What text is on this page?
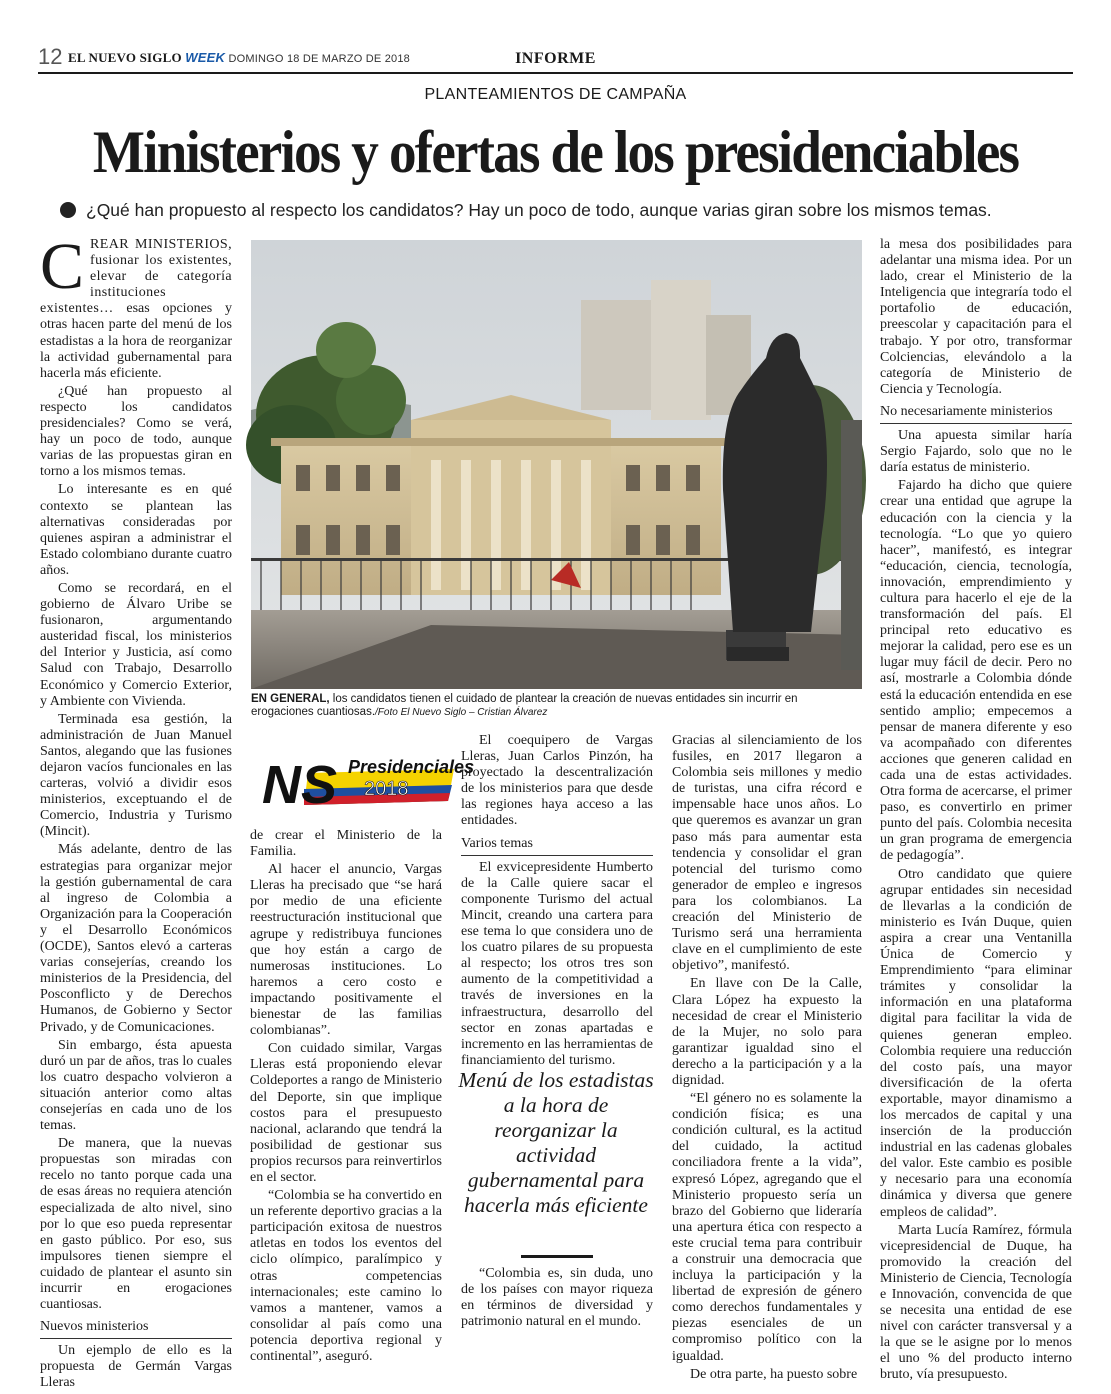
12 EL NUEVO SIGLO WEEK DOMINGO 18 DE MARZO DE 2018	INFORME
PLANTEAMIENTOS DE CAMPAÑA
Ministerios y ofertas de los presidenciables
¿Qué han propuesto al respecto los candidatos? Hay un poco de todo, aunque varias giran sobre los mismos temas.

CREAR MINISTERIOS, fusionar los existentes, elevar de categoría instituciones existentes… esas opciones y otras hacen parte del menú de los estadistas a la hora de reorganizar la actividad gubernamental para hacerla más eficiente.

¿Qué han propuesto al respecto los candidatos presidenciales? Como se verá, hay un poco de todo, aunque varias de las propuestas giran en torno a los mismos temas.

Lo interesante es en qué contexto se plantean las alternativas consideradas por quienes aspiran a administrar el Estado colombiano durante cuatro años.

Como se recordará, en el gobierno de Álvaro Uribe se fusionaron, argumentando austeridad fiscal, los ministerios del Interior y Justicia, así como Salud con Trabajo, Desarrollo Económico y Comercio Exterior, y Ambiente con Vivienda.

Terminada esa gestión, la administración de Juan Manuel Santos, alegando que las fusiones dejaron vacíos funcionales en las carteras, volvió a dividir esos ministerios, exceptuando el de Comercio, Industria y Turismo (Mincit).

Más adelante, dentro de las estrategias para organizar mejor la gestión gubernamental de cara al ingreso de Colombia a Organización para la Cooperación y el Desarrollo Económicos (OCDE), Santos elevó a carteras varias consejerías, creando los ministerios de la Presidencia, del Posconflicto y de Derechos Humanos, de Gobierno y Sector Privado, y de Comunicaciones.

Sin embargo, ésta apuesta duró un par de años, tras lo cuales los cuatro despacho volvieron a situación anterior como altas consejerías en cada uno de los temas.

De manera, que la nuevas propuestas son miradas con recelo no tanto porque cada una de esas áreas no requiera atención especializada de alto nivel, sino por lo que eso pueda representar en gasto público. Por eso, sus impulsores tienen siempre el cuidado de plantear el asunto sin incurrir en erogaciones cuantiosas.

Nuevos ministerios

Un ejemplo de ello es la propuesta de Germán Vargas Lleras

EN GENERAL, los candidatos tienen el cuidado de plantear la creación de nuevas entidades sin incurrir en erogaciones cuantiosas./Foto El Nuevo Siglo – Cristian Álvarez
NS Presidenciales
2018

de crear el Ministerio de la Familia.

Al hacer el anuncio, Vargas Lleras ha precisado que “se hará por medio de una eficiente reestructuración institucional que agrupe y redistribuya funciones que hoy están a cargo de numerosas instituciones. Lo haremos a cero costo e impactando positivamente el bienestar de las familias colombianas”.

Con cuidado similar, Vargas Lleras está proponiendo elevar Coldeportes a rango de Ministerio del Deporte, sin que implique costos para el presupuesto nacional, aclarando que tendrá la posibilidad de gestionar sus propios recursos para reinvertirlos en el sector.

“Colombia se ha convertido en un referente deportivo gracias a la participación exitosa de nuestros atletas en todos los eventos del ciclo olímpico, paralímpico y otras competencias internacionales; este camino lo vamos a mantener, vamos a consolidar al país como una potencia deportiva regional y continental”, aseguró.

El coequipero de Vargas Lleras, Juan Carlos Pinzón, ha proyectado la descentralización de los ministerios para que desde las regiones haya acceso a las entidades.

Varios temas

El exvicepresidente Humberto de la Calle quiere sacar el componente Turismo del actual Mincit, creando una cartera para ese tema lo que considera uno de los cuatro pilares de su propuesta al respecto; los otros tres son aumento de la competitividad a través de inversiones en la infraestructura, desarrollo del sector en zonas apartadas e incremento en las herramientas de financiamiento del turismo.

Menú de los estadistas a la hora de reorganizar la actividad gubernamental para hacerla más eficiente

“Colombia es, sin duda, uno de los países con mayor riqueza en términos de diversidad y patrimonio natural en el mundo.

Gracias al silenciamiento de los fusiles, en 2017 llegaron a Colombia seis millones y medio de turistas, una cifra récord e impensable hace unos años. Lo que queremos es avanzar un gran paso más para aumentar esta tendencia y consolidar el gran potencial del turismo como generador de empleo e ingresos para los colombianos. La creación del Ministerio de Turismo será una herramienta clave en el cumplimiento de este objetivo”, manifestó.

En llave con De la Calle, Clara López ha expuesto la necesidad de crear el Ministerio de la Mujer, no solo para garantizar igualdad sino el derecho a la participación y a la dignidad.

“El género no es solamente la condición física; es una condición cultural, es la actitud del cuidado, la actitud conciliadora frente a la vida”, expresó López, agregando que el Ministerio propuesto sería un brazo del Gobierno que lideraría una apertura ética con respecto a este crucial tema para contribuir a construir una democracia que incluya la participación y la libertad de expresión de género como derechos fundamentales y piezas esenciales de un compromiso político con la igualdad.

De otra parte, ha puesto sobre

la mesa dos posibilidades para adelantar una misma idea. Por un lado, crear el Ministerio de la Inteligencia que integraría todo el portafolio de educación, preescolar y capacitación para el trabajo. Y por otro, transformar Colciencias, elevándolo a la categoría de Ministerio de Ciencia y Tecnología.

No necesariamente ministerios

Una apuesta similar haría Sergio Fajardo, solo que no le daría estatus de ministerio.

Fajardo ha dicho que quiere crear una entidad que agrupe la educación con la ciencia y la tecnología. “Lo que yo quiero hacer”, manifestó, es integrar “educación, ciencia, tecnología, innovación, emprendimiento y cultura para hacerlo el eje de la transformación del país. El principal reto educativo es mejorar la calidad, pero ese es un lugar muy fácil de decir. Pero no así, mostrarle a Colombia dónde está la educación entendida en ese sentido amplio; empecemos a pensar de manera diferente y eso va acompañado con diferentes acciones que generen calidad en cada una de estas actividades. Otra forma de acercarse, el primer paso, es convertirlo en primer punto del país. Colombia necesita un gran programa de emergencia de pedagogía”.

Otro candidato que quiere agrupar entidades sin necesidad de llevarlas a la condición de ministerio es Iván Duque, quien aspira a crear una Ventanilla Única de Comercio y Emprendimiento “para eliminar trámites y consolidar la información en una plataforma digital para facilitar la vida de quienes generan empleo. Colombia requiere una reducción del costo país, una mayor diversificación de la oferta exportable, mayor dinamismo a los mercados de capital y una inserción de la producción industrial en las cadenas globales del valor. Este cambio es posible y necesario para una economía dinámica y diversa que genere empleos de calidad”.

Marta Lucía Ramírez, fórmula vicepresidencial de Duque, ha promovido la creación del Ministerio de Ciencia, Tecnología e Innovación, convencida de que se necesita una entidad de ese nivel con carácter transversal y a la que se le asigne por lo menos el uno % del producto interno bruto, vía presupuesto.
